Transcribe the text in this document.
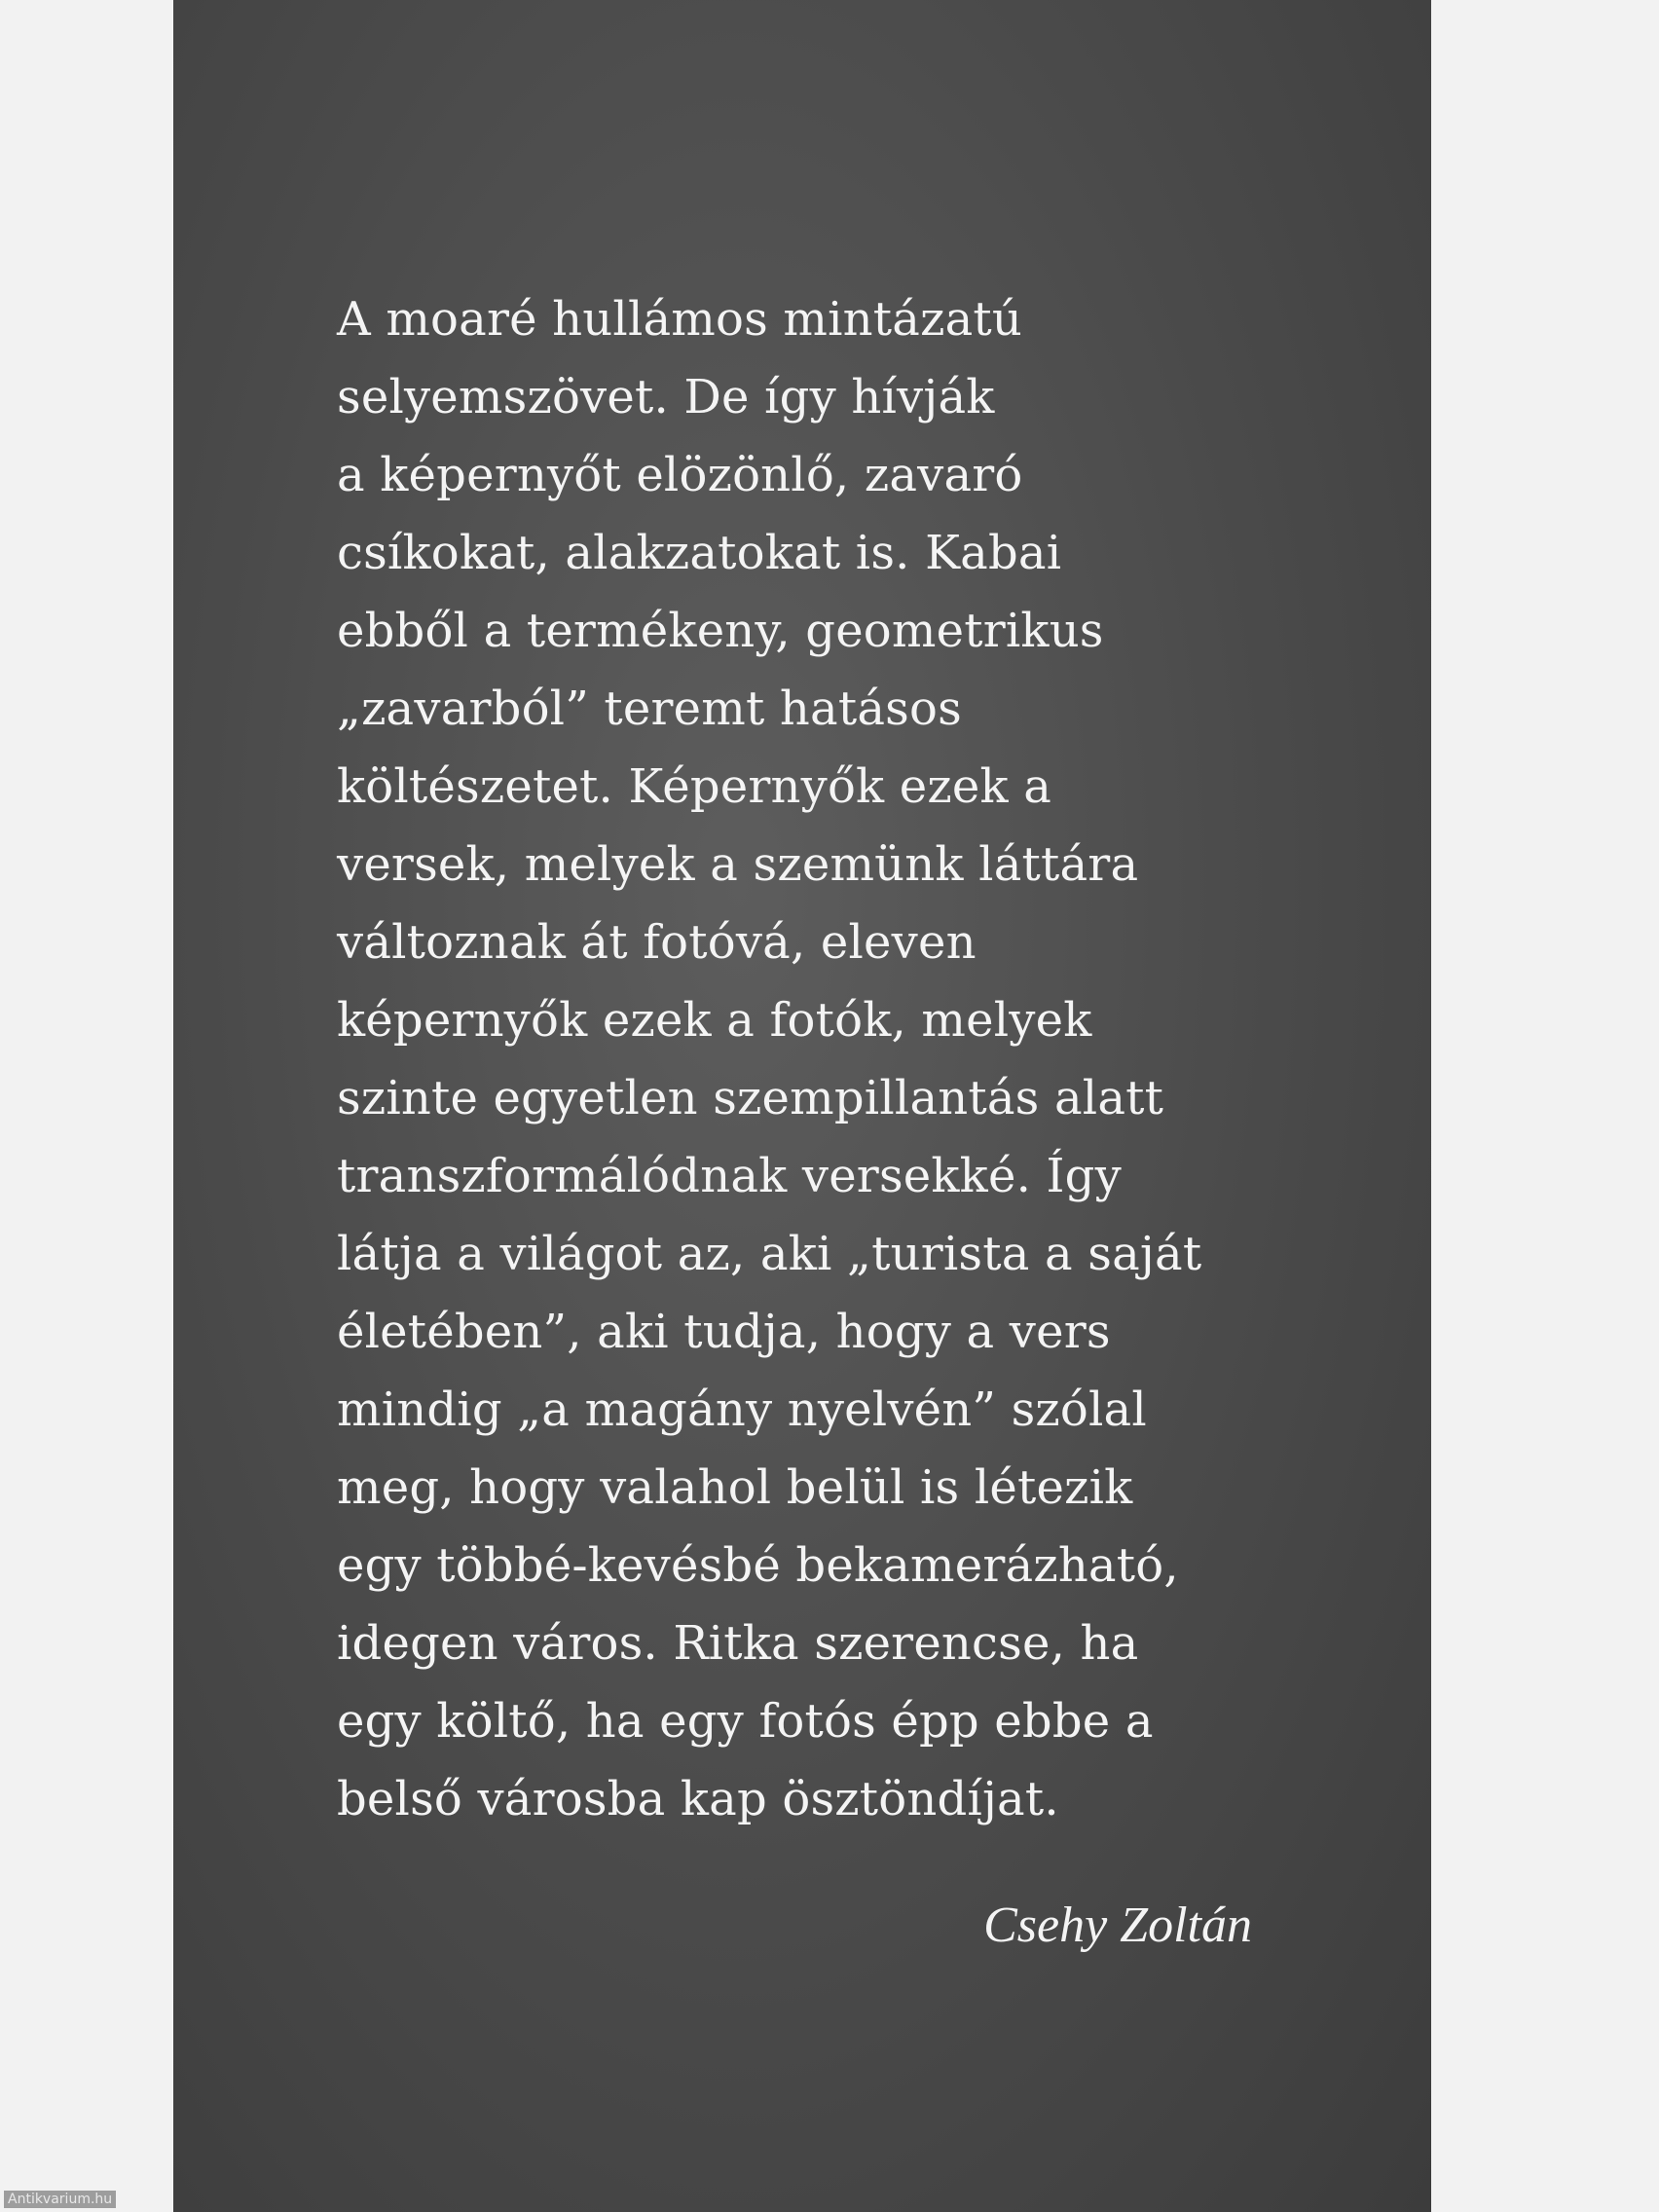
A moaré hullámos mintázatú
selyemszövet. De így hívják
a képernyőt elözönlő, zavaró
csíkokat, alakzatokat is. Kabai
ebből a termékeny, geometrikus
„zavarból” teremt hatásos
költészetet. Képernyők ezek a
versek, melyek a szemünk láttára
változnak át fotóvá, eleven
képernyők ezek a fotók, melyek
szinte egyetlen szempillantás alatt
transzformálódnak versekké. Így
látja a világot az, aki „turista a saját
életében”, aki tudja, hogy a vers
mindig „a magány nyelvén” szólal
meg, hogy valahol belül is létezik
egy többé-kevésbé bekamerázható,
idegen város. Ritka szerencse, ha
egy költő, ha egy fotós épp ebbe a
belső városba kap ösztöndíjat.
Csehy Zoltán
Antikvarium.hu
